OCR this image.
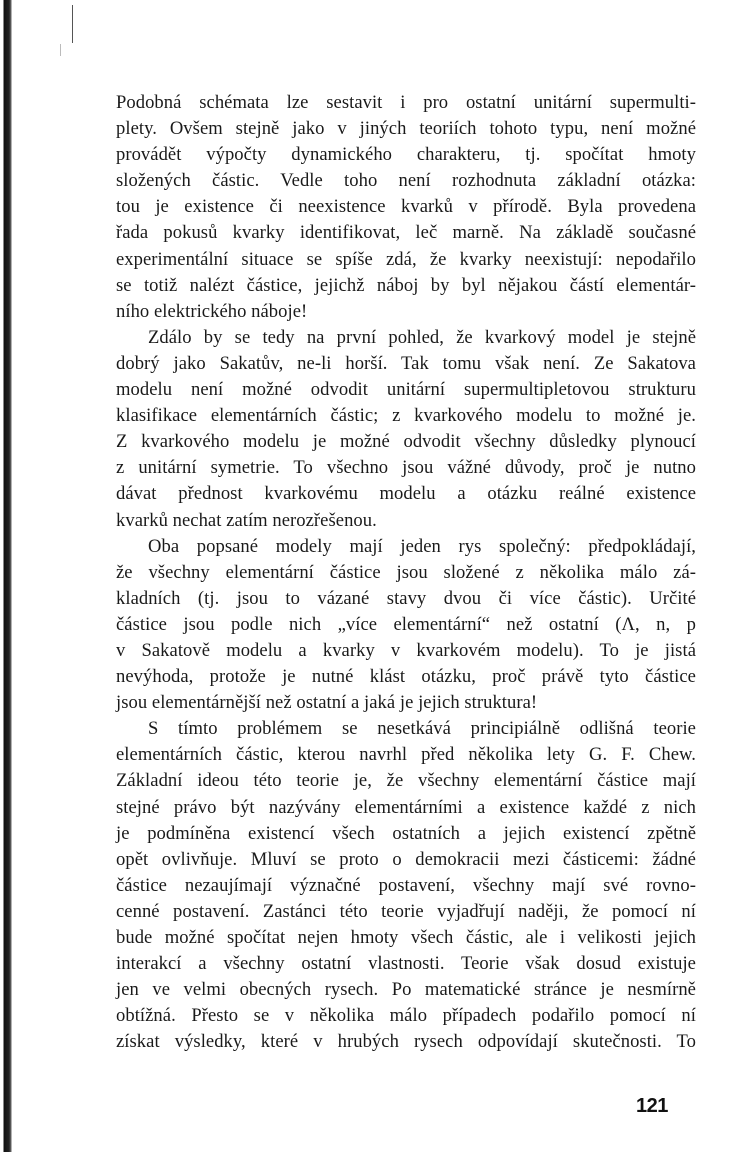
Podobná schémata lze sestavit i pro ostatní unitární supermulti-
plety. Ovšem stejně jako v jiných teoriích tohoto typu, není možné
provádět výpočty dynamického charakteru, tj. spočítat hmoty
složených částic. Vedle toho není rozhodnuta základní otázka:
tou je existence či neexistence kvarků v přírodě. Byla provedena
řada pokusů kvarky identifikovat, leč marně. Na základě současné
experimentální situace se spíše zdá, že kvarky neexistují: nepodařilo
se totiž nalézt částice, jejichž náboj by byl nějakou částí elementár-
ního elektrického náboje!
Zdálo by se tedy na první pohled, že kvarkový model je stejně
dobrý jako Sakatův, ne-li horší. Tak tomu však není. Ze Sakatova
modelu není možné odvodit unitární supermultipletovou strukturu
klasifikace elementárních částic; z kvarkového modelu to možné je.
Z kvarkového modelu je možné odvodit všechny důsledky plynoucí
z unitární symetrie. To všechno jsou vážné důvody, proč je nutno
dávat přednost kvarkovému modelu a otázku reálné existence
kvarků nechat zatím nerozřešenou.
Oba popsané modely mají jeden rys společný: předpokládají,
že všechny elementární částice jsou složené z několika málo zá-
kladních (tj. jsou to vázané stavy dvou či více částic). Určité
částice jsou podle nich „více elementární“ než ostatní (Λ, n, p
v Sakatově modelu a kvarky v kvarkovém modelu). To je jistá
nevýhoda, protože je nutné klást otázku, proč právě tyto částice
jsou elementárnější než ostatní a jaká je jejich struktura!
S tímto problémem se nesetkává principiálně odlišná teorie
elementárních částic, kterou navrhl před několika lety G. F. Chew.
Základní ideou této teorie je, že všechny elementární částice mají
stejné právo být nazývány elementárními a existence každé z nich
je podmíněna existencí všech ostatních a jejich existencí zpětně
opět ovlivňuje. Mluví se proto o demokracii mezi částicemi: žádné
částice nezaujímají význačné postavení, všechny mají své rovno-
cenné postavení. Zastánci této teorie vyjadřují naději, že pomocí ní
bude možné spočítat nejen hmoty všech částic, ale i velikosti jejich
interakcí a všechny ostatní vlastnosti. Teorie však dosud existuje
jen ve velmi obecných rysech. Po matematické stránce je nesmírně
obtížná. Přesto se v několika málo případech podařilo pomocí ní
získat výsledky, které v hrubých rysech odpovídají skutečnosti. To
121
